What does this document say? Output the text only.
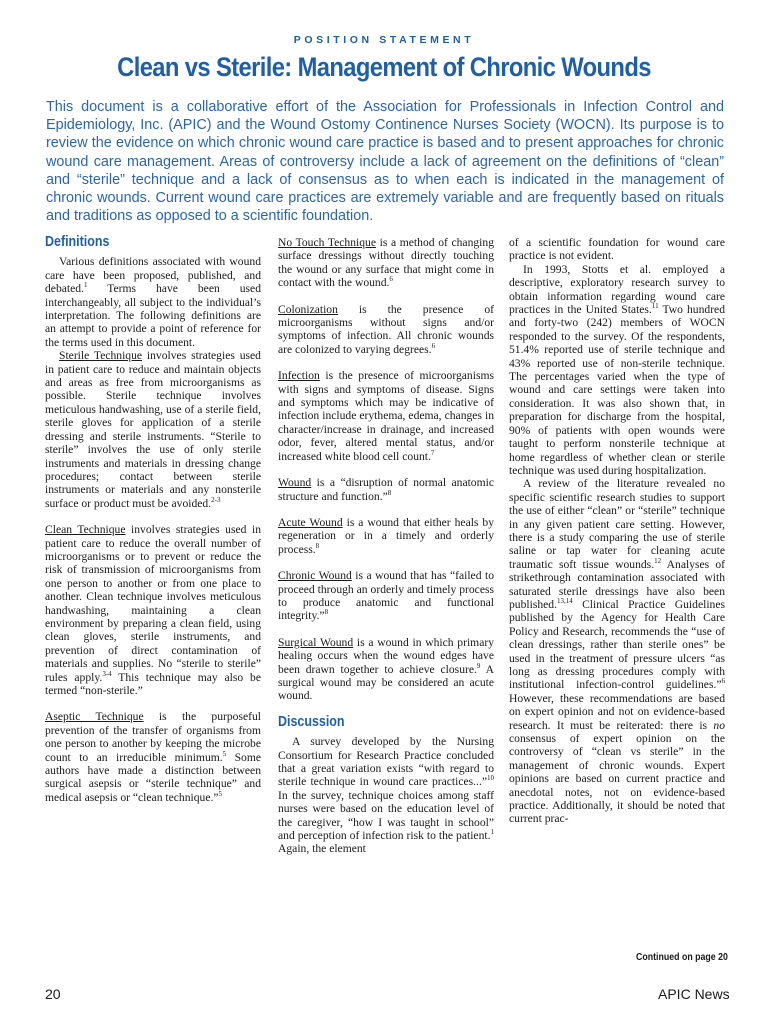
POSITION STATEMENT
Clean vs Sterile: Management of Chronic Wounds
This document is a collaborative effort of the Association for Professionals in Infection Control and Epidemiology, Inc. (APIC) and the Wound Ostomy Continence Nurses Society (WOCN). Its purpose is to review the evidence on which chronic wound care practice is based and to present approaches for chronic wound care management. Areas of controversy include a lack of agreement on the definitions of “clean” and “sterile” technique and a lack of consensus as to when each is indicated in the management of chronic wounds. Current wound care practices are extremely variable and are frequently based on rituals and traditions as opposed to a scientific foundation.
Definitions

Various definitions associated with wound care have been proposed, published, and debated.$^1$ Terms have been used interchangeably, all subject to the individual’s interpretation. The following definitions are an attempt to provide a point of reference for the terms used in this document.

Sterile Technique involves strategies used in patient care to reduce and maintain objects and areas as free from microorganisms as possible. Sterile technique involves meticulous handwashing, use of a sterile field, sterile gloves for application of a sterile dressing and sterile instruments. “Sterile to sterile” involves the use of only sterile instruments and materials in dressing change procedures; contact between sterile instruments or materials and any nonsterile surface or product must be avoided.$^{2-3}$

Clean Technique involves strategies used in patient care to reduce the overall number of microorganisms or to prevent or reduce the risk of transmission of microorganisms from one person to another or from one place to another. Clean technique involves meticulous handwashing, maintaining a clean environment by preparing a clean field, using clean gloves, sterile instruments, and prevention of direct contamination of materials and supplies. No “sterile to sterile” rules apply.$^{3-4}$ This technique may also be termed “non-sterile.”

Aseptic Technique is the purposeful prevention of the transfer of organisms from one person to another by keeping the microbe count to an irreducible minimum.$^5$ Some authors have made a distinction between surgical asepsis or “sterile technique” and medical asepsis or “clean technique.”$^5$

No Touch Technique is a method of changing surface dressings without directly touching the wound or any surface that might come in contact with the wound.$^6$

Colonization is the presence of microorganisms without signs and/or symptoms of infection. All chronic wounds are colonized to varying degrees.$^6$

Infection is the presence of microorganisms with signs and symptoms of disease. Signs and symptoms which may be indicative of infection include erythema, edema, changes in character/increase in drainage, and increased odor, fever, altered mental status, and/or increased white blood cell count.$^7$

Wound is a “disruption of normal anatomic structure and function.”$^8$

Acute Wound is a wound that either heals by regeneration or in a timely and orderly process.$^8$

Chronic Wound is a wound that has “failed to proceed through an orderly and timely process to produce anatomic and functional integrity.”$^8$

Surgical Wound is a wound in which primary healing occurs when the wound edges have been drawn together to achieve closure.$^9$ A surgical wound may be considered an acute wound.

Discussion

A survey developed by the Nursing Consortium for Research Practice concluded that a great variation exists “with regard to sterile technique in wound care practices...”$^{10}$ In the survey, technique choices among staff nurses were based on the education level of the caregiver, “how I was taught in school” and perception of infection risk to the patient.$^1$ Again, the element

of a scientific foundation for wound care practice is not evident.

In 1993, Stotts et al. employed a descriptive, exploratory research survey to obtain information regarding wound care practices in the United States.$^{11}$ Two hundred and forty-two (242) members of WOCN responded to the survey. Of the respondents, 51.4% reported use of sterile technique and 43% reported use of non-sterile technique. The percentages varied when the type of wound and care settings were taken into consideration. It was also shown that, in preparation for discharge from the hospital, 90% of patients with open wounds were taught to perform nonsterile technique at home regardless of whether clean or sterile technique was used during hospitalization.

A review of the literature revealed no specific scientific research studies to support the use of either “clean” or “sterile” technique in any given patient care setting. However, there is a study comparing the use of sterile saline or tap water for cleaning acute traumatic soft tissue wounds.$^{12}$ Analyses of strikethrough contamination associated with saturated sterile dressings have also been published.$^{13,14}$ Clinical Practice Guidelines published by the Agency for Health Care Policy and Research, recommends the “use of clean dressings, rather than sterile ones” be used in the treatment of pressure ulcers “as long as dressing procedures comply with institutional infection-control guidelines.”$^6$ However, these recommendations are based on expert opinion and not on evidence-based research. It must be reiterated: there is no consensus of expert opinion on the controversy of “clean vs sterile” in the management of chronic wounds. Expert opinions are based on current practice and anecdotal notes, not on evidence-based practice. Additionally, it should be noted that current prac-

Continued on page 20
20	APIC News
